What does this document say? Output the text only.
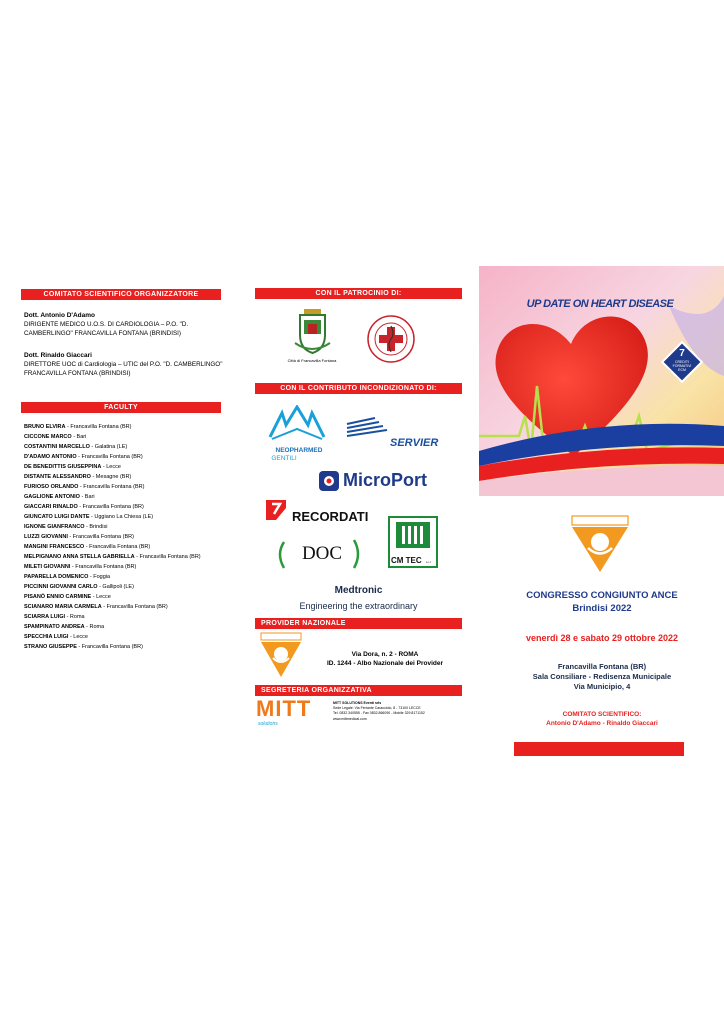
COMITATO SCIENTIFICO ORGANIZZATORE
Dott. Antonio D'Adamo
DIRIGENTE MEDICO U.O.S. DI CARDIOLOGIA – P.O. "D. CAMBERLINGO" FRANCAVILLA FONTANA (BRINDISI)
Dott. Rinaldo Giaccari
DIRETTORE UOC di Cardiologia – UTIC del P.O. "D. CAMBERLINGO" FRANCAVILLA FONTANA (BRINDISI)
FACULTY
BRUNO ELVIRA - Francavilla Fontana (BR)
CICCONE MARCO - Bari
COSTANTINI MARCELLO - Galatina (LE)
D'ADAMO ANTONIO - Francavilla Fontana (BR)
DE BENEDITTIS GIUSEPPINA - Lecce
DISTANTE ALESSANDRO - Mesagne (BR)
FURIOSO ORLANDO - Francavilla Fontana (BR)
GAGLIONE ANTONIO - Bari
GIACCARI RINALDO - Francavilla Fontana (BR)
GIUNCATO LUIGI DANTE - Uggiano La Chiesa (LE)
IGNONE GIANFRANCO - Brindisi
LUZZI GIOVANNI - Francavilla Fontana (BR)
MANGINI FRANCESCO - Francavilla Fontana (BR)
MELPIGNANO ANNA STELLA GABRIELLA - Francavilla Fontana (BR)
MILETI GIOVANNI - Francavilla Fontana (BR)
PAPARELLA DOMENICO - Foggia
PICCINNI GIOVANNI CARLO - Gallipoli (LE)
PISANÒ ENNIO CARMINE - Lecce
SCIANARO MARIA CARMELA - Francavilla Fontana (BR)
SCIARRA LUIGI - Roma
SPAMPINATO ANDREA - Roma
SPECCHIA LUIGI - Lecce
STRANO GIUSEPPE - Francavilla Fontana (BR)
CON IL PATROCINIO DI:
Città di Francavilla Fontana
CON IL CONTRIBUTO INCONDIZIONATO DI:
NEOPHARMED
GENTILI
SERVIER
MicroPort
RECORDATI
CM TEC	s.r.l.
DOC
Medtronic
Engineering the extraordinary
PROVIDER NAZIONALE
Via Dora, n. 2 - ROMA
ID. 1244 - Albo Nazionale dei Provider
SEGRETERIA ORGANIZZATIVA
MITT
solutions
MITT SOLUTIONS Eventi srls
Sede Legale: Via Ferrante Caracciolo, 8 - 73100 LECCE
Tel. 0832.340555 - Fax 0832.866090 - Mobile 329.8171152
www.mittmedical.com
UP DATE ON HEART DISEASE
7
CREDITI FORMATIVI ECM
CONGRESSO CONGIUNTO ANCE
Brindisi 2022
venerdì 28 e sabato 29 ottobre 2022
Francavilla Fontana (BR)
Sala Consiliare - Redisenza Municipale
Via Municipio, 4
COMITATO SCIENTIFICO:
Antonio D'Adamo - Rinaldo Giaccari
